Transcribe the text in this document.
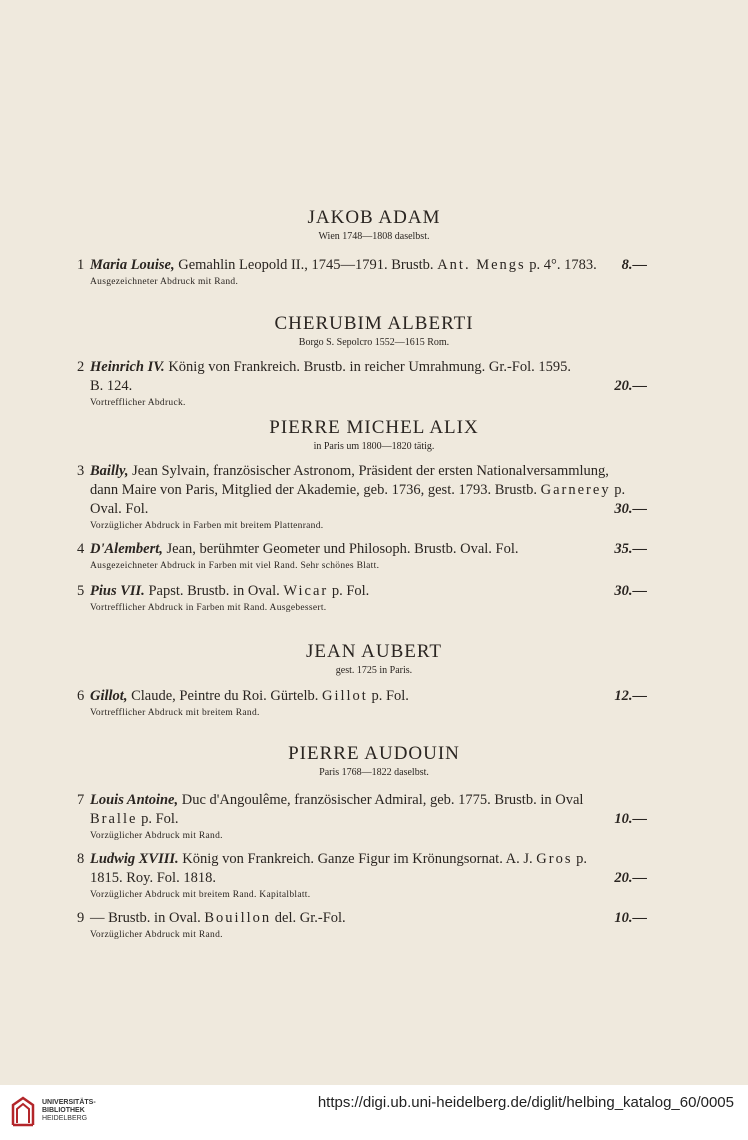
JAKOB ADAM
Wien 1748—1808 daselbst.
1 Maria Louise, Gemahlin Leopold II., 1745—1791. Brustb. Ant. Mengs p. 4°. 1783.	8.—
Ausgezeichneter Abdruck mit Rand.
CHERUBIM ALBERTI
Borgo S. Sepolcro 1552—1615 Rom.
2 Heinrich IV. König von Frankreich. Brustb. in reicher Umrahmung. Gr.-Fol. 1595.
B. 124.	20.—
Vortrefflicher Abdruck.
PIERRE MICHEL ALIX
in Paris um 1800—1820 tätig.
3 Bailly, Jean Sylvain, französischer Astronom, Präsident der ersten Nationalversammlung,
dann Maire von Paris, Mitglied der Akademie, geb. 1736, gest. 1793. Brustb. Garnerey p.
Oval. Fol.	30.—
Vorzüglicher Abdruck in Farben mit breitem Plattenrand.
4 D'Alembert, Jean, berühmter Geometer und Philosoph. Brustb. Oval. Fol.	35.—
Ausgezeichneter Abdruck in Farben mit viel Rand. Sehr schönes Blatt.
5 Pius VII. Papst. Brustb. in Oval. Wicar p. Fol.	30.—
Vortrefflicher Abdruck in Farben mit Rand. Ausgebessert.
JEAN AUBERT
gest. 1725 in Paris.
6 Gillot, Claude, Peintre du Roi. Gürtelb. Gillot p. Fol.	12.—
Vortrefflicher Abdruck mit breitem Rand.
PIERRE AUDOUIN
Paris 1768—1822 daselbst.
7 Louis Antoine, Duc d'Angoulême, französischer Admiral, geb. 1775. Brustb. in Oval
Bralle p. Fol.	10.—
Vorzüglicher Abdruck mit Rand.
8 Ludwig XVIII. König von Frankreich. Ganze Figur im Krönungsornat. A. J. Gros p.
1815. Roy. Fol. 1818.	20.—
Vorzüglicher Abdruck mit breitem Rand. Kapitalblatt.
9 — Brustb. in Oval. Bouillon del. Gr.-Fol.	10.—
Vorzüglicher Abdruck mit Rand.
UNIVERSITÄTS-
BIBLIOTHEK
HEIDELBERG
https://digi.ub.uni-heidelberg.de/diglit/helbing_katalog_60/0005
